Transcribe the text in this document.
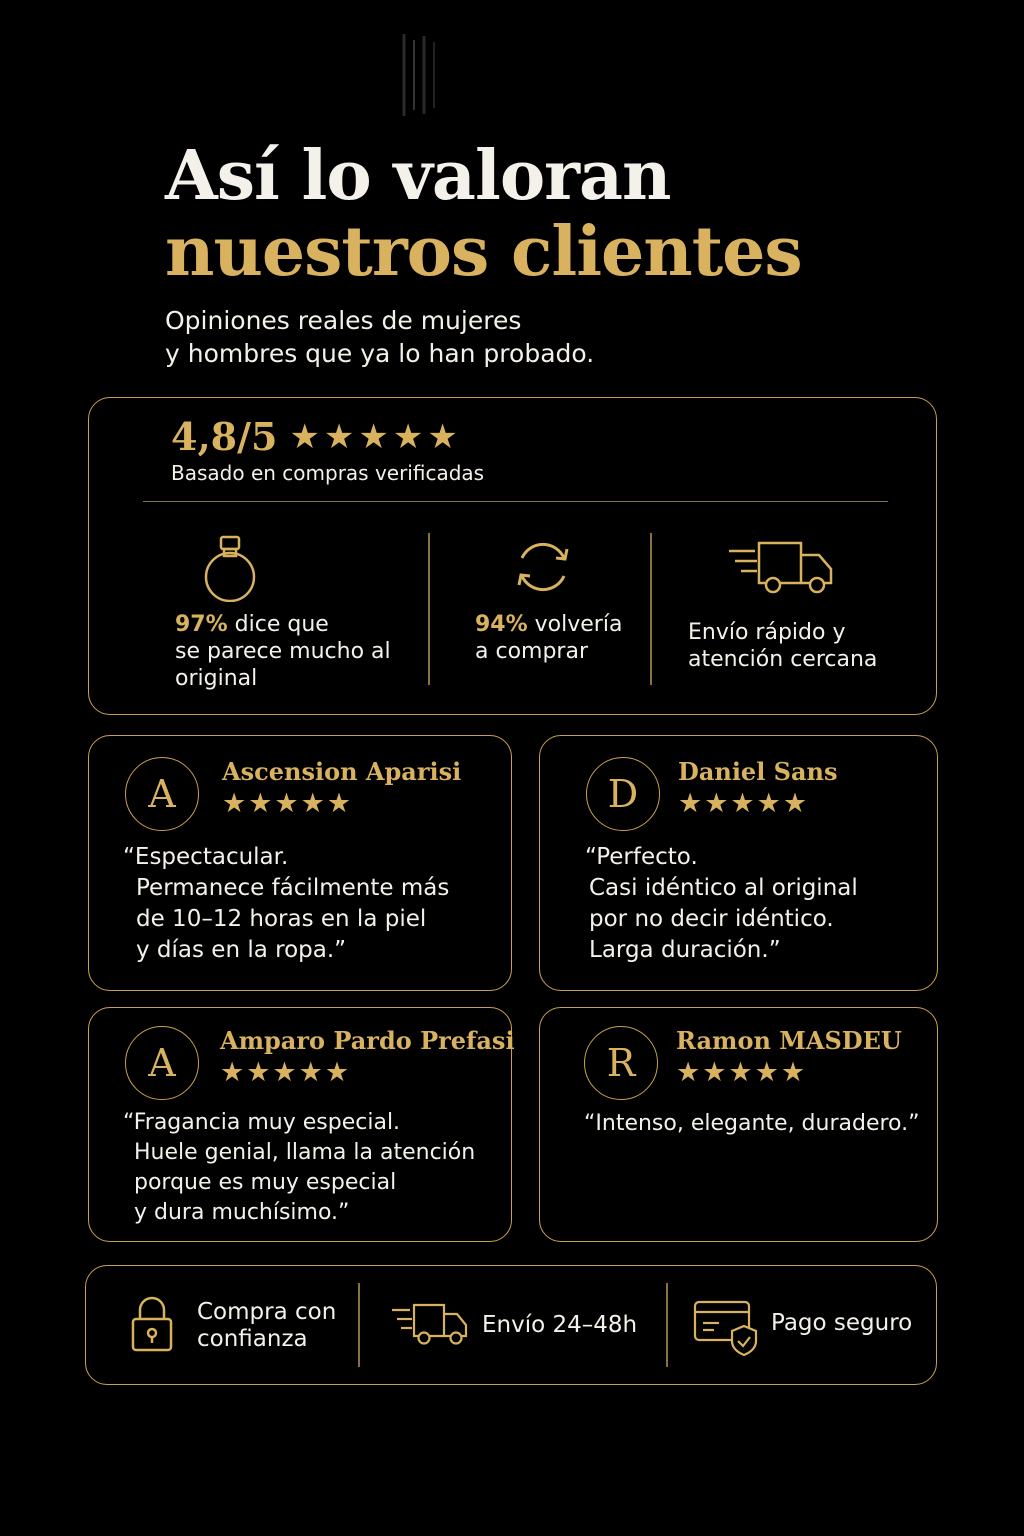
Así lo valoran
nuestros clientes
Opiniones reales de mujeres
y hombres que ya lo han probado.
4,8/5 ★★★★★
Basado en compras verificadas
97% dice que
se parece mucho al
original
94% volvería
a comprar
Envío rápido y
atención cercana
A
Ascension Aparisi
★★★★★
“Espectacular.
Permanece fácilmente más
de 10–12 horas en la piel
y días en la ropa.”
D
Daniel Sans
★★★★★
“Perfecto.
Casi idéntico al original
por no decir idéntico.
Larga duración.”
A
Amparo Pardo Prefasi
★★★★★
“Fragancia muy especial.
Huele genial, llama la atención
porque es muy especial
y dura muchísimo.”
R
Ramon MASDEU
★★★★★
“Intenso, elegante, duradero.”
Compra con
confianza
Envío 24–48h	Pago seguro
